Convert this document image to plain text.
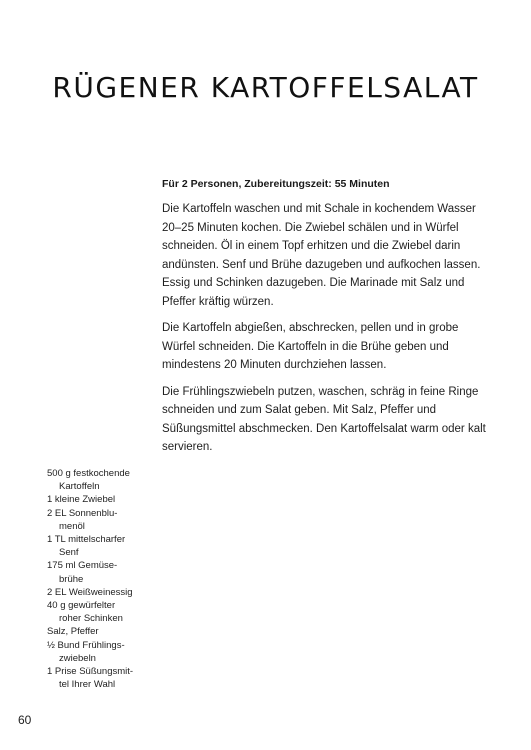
RÜGENER KARTOFFELSALAT
Für 2 Personen, Zubereitungszeit: 55 Minuten

Die Kartoffeln waschen und mit Schale in kochendem Wasser 20–25 Minuten kochen. Die Zwiebel schälen und in Würfel schneiden. Öl in einem Topf erhitzen und die Zwiebel darin andünsten. Senf und Brühe dazugeben und aufkochen lassen. Essig und Schinken dazugeben. Die Marinade mit Salz und Pfeffer kräftig würzen.

Die Kartoffeln abgießen, abschrecken, pellen und in grobe Würfel schneiden. Die Kartoffeln in die Brühe geben und mindestens 20 Minuten durchziehen lassen.

Die Frühlingszwiebeln putzen, waschen, schräg in feine Ringe schneiden und zum Salat geben. Mit Salz, Pfeffer und Süßungsmittel abschmecken. Den Kartoffelsalat warm oder kalt servieren.

500 g festkochende
Kartoffeln
1 kleine Zwiebel
2 EL Sonnenblu-
menöl
1 TL mittelscharfer
Senf
175 ml Gemüse-
brühe
2 EL Weißweinessig
40 g gewürfelter
roher Schinken
Salz, Pfeffer
½ Bund Frühlings-
zwiebeln
1 Prise Süßungsmit-
tel Ihrer Wahl
60
